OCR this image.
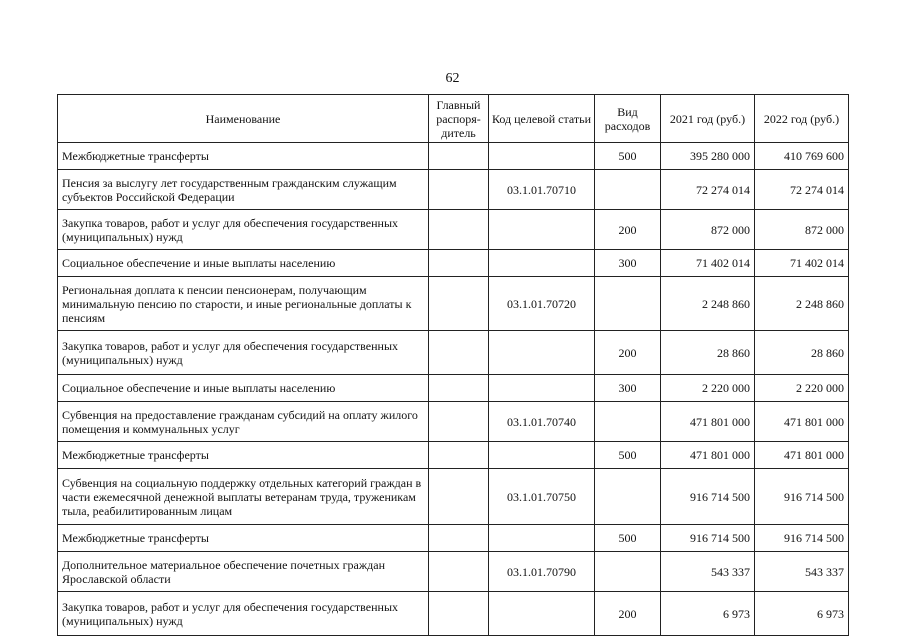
62
Наименование	Главный распоря-дитель	Код целевой статьи	Вид расходов	2021 год (руб.)	2022 год (руб.)
Межбюджетные трансферты			500	395 280 000	410 769 600
Пенсия за выслугу лет государственным гражданским служащим субъектов Российской Федерации		03.1.01.70710		72 274 014	72 274 014
Закупка товаров, работ и услуг для обеспечения государственных (муниципальных) нужд			200	872 000	872 000
Социальное обеспечение и иные выплаты населению			300	71 402 014	71 402 014
Региональная доплата к пенсии пенсионерам, получающим минимальную пенсию по старости, и иные региональные доплаты к пенсиям		03.1.01.70720		2 248 860	2 248 860
Закупка товаров, работ и услуг для обеспечения государственных (муниципальных) нужд			200	28 860	28 860
Социальное обеспечение и иные выплаты населению			300	2 220 000	2 220 000
Субвенция на предоставление гражданам субсидий на оплату жилого помещения и коммунальных услуг		03.1.01.70740		471 801 000	471 801 000
Межбюджетные трансферты			500	471 801 000	471 801 000
Субвенция на социальную поддержку отдельных категорий граждан в части ежемесячной денежной выплаты ветеранам труда, труженикам тыла, реабилитированным лицам		03.1.01.70750		916 714 500	916 714 500
Межбюджетные трансферты			500	916 714 500	916 714 500
Дополнительное материальное обеспечение почетных граждан Ярославской области		03.1.01.70790		543 337	543 337
Закупка товаров, работ и услуг для обеспечения государственных (муниципальных) нужд			200	6 973	6 973
